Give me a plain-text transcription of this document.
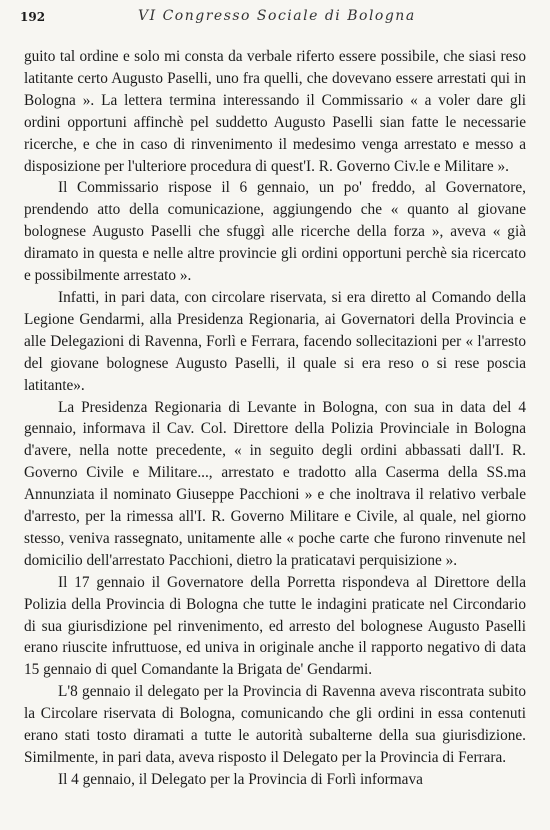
192	VI Congresso Sociale di Bologna

guito tal ordine e solo mi consta da verbale riferto essere possibile, che siasi reso latitante certo Augusto Paselli, uno fra quelli, che dovevano essere arrestati qui in Bologna ». La lettera termina interessando il Commissario « a voler dare gli ordini opportuni affinchè pel suddetto Augusto Paselli sian fatte le necessarie ricerche, e che in caso di rinvenimento il medesimo venga arrestato e messo a disposizione per l'ulteriore procedura di quest'I. R. Governo Civ.le e Militare ».

Il Commissario rispose il 6 gennaio, un po' freddo, al Governatore, prendendo atto della comunicazione, aggiungendo che « quanto al giovane bolognese Augusto Paselli che sfuggì alle ricerche della forza », aveva « già diramato in questa e nelle altre provincie gli ordini opportuni perchè sia ricercato e possibilmente arrestato ».

Infatti, in pari data, con circolare riservata, si era diretto al Comando della Legione Gendarmi, alla Presidenza Regionaria, ai Governatori della Provincia e alle Delegazioni di Ravenna, Forlì e Ferrara, facendo sollecitazioni per « l'arresto del giovane bolognese Augusto Paselli, il quale si era reso o si rese poscia latitante».

La Presidenza Regionaria di Levante in Bologna, con sua in data del 4 gennaio, informava il Cav. Col. Direttore della Polizia Provinciale in Bologna d'avere, nella notte precedente, « in seguito degli ordini abbassati dall'I. R. Governo Civile e Militare..., arrestato e tradotto alla Caserma della SS.ma Annunziata il nominato Giuseppe Pacchioni » e che inoltrava il relativo verbale d'arresto, per la rimessa all'I. R. Governo Militare e Civile, al quale, nel giorno stesso, veniva rassegnato, unitamente alle « poche carte che furono rinvenute nel domicilio dell'arrestato Pacchioni, dietro la praticatavi perquisizione ».

Il 17 gennaio il Governatore della Porretta rispondeva al Direttore della Polizia della Provincia di Bologna che tutte le indagini praticate nel Circondario di sua giurisdizione pel rinvenimento, ed arresto del bolognese Augusto Paselli erano riuscite infruttuose, ed univa in originale anche il rapporto negativo di data 15 gennaio di quel Comandante la Brigata de' Gendarmi.

L'8 gennaio il delegato per la Provincia di Ravenna aveva riscontrata subito la Circolare riservata di Bologna, comunicando che gli ordini in essa contenuti erano stati tosto diramati a tutte le autorità subalterne della sua giurisdizione. Similmente, in pari data, aveva risposto il Delegato per la Provincia di Ferrara.

Il 4 gennaio, il Delegato per la Provincia di Forlì informava
